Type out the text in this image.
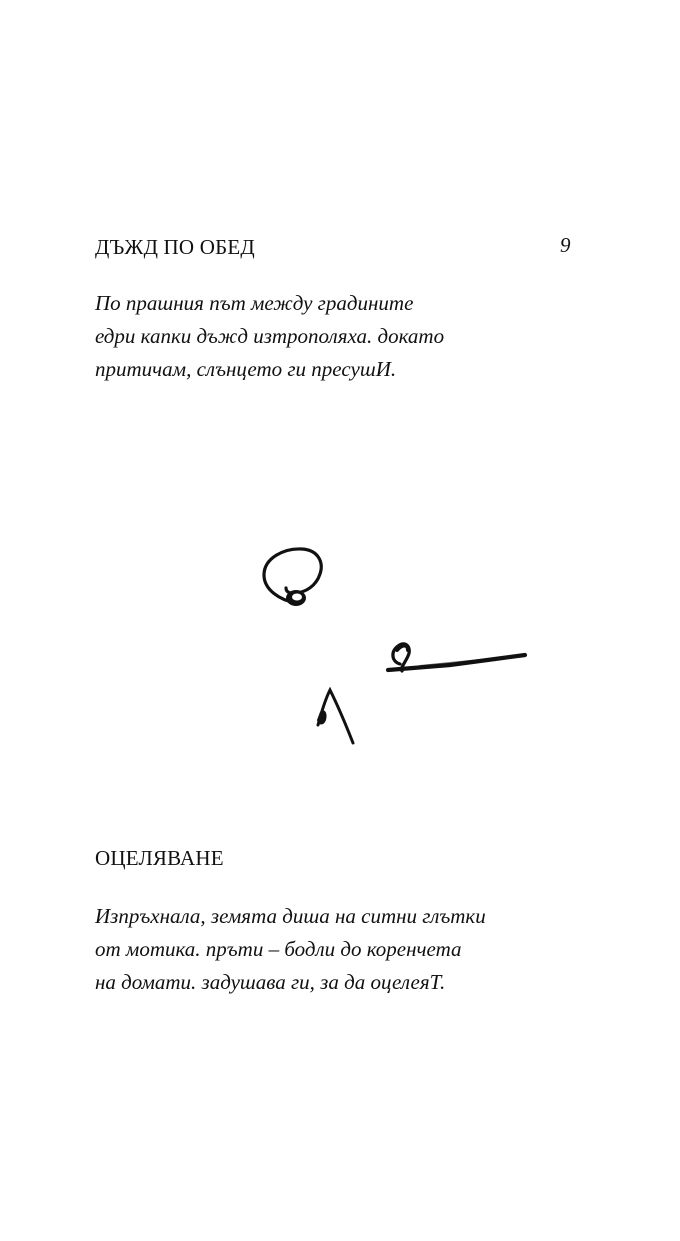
ДЪЖД ПО ОБЕД	9
По прашния път между градините
едри капки дъжд изтрополяха. докато
притичам, слънцето ги пресушИ.
ОЦЕЛЯВАНЕ
Изпръхнала, земята диша на ситни глътки
от мотика. пръти – бодли до коренчета
на домати. задушава ги, за да оцелеяТ.
